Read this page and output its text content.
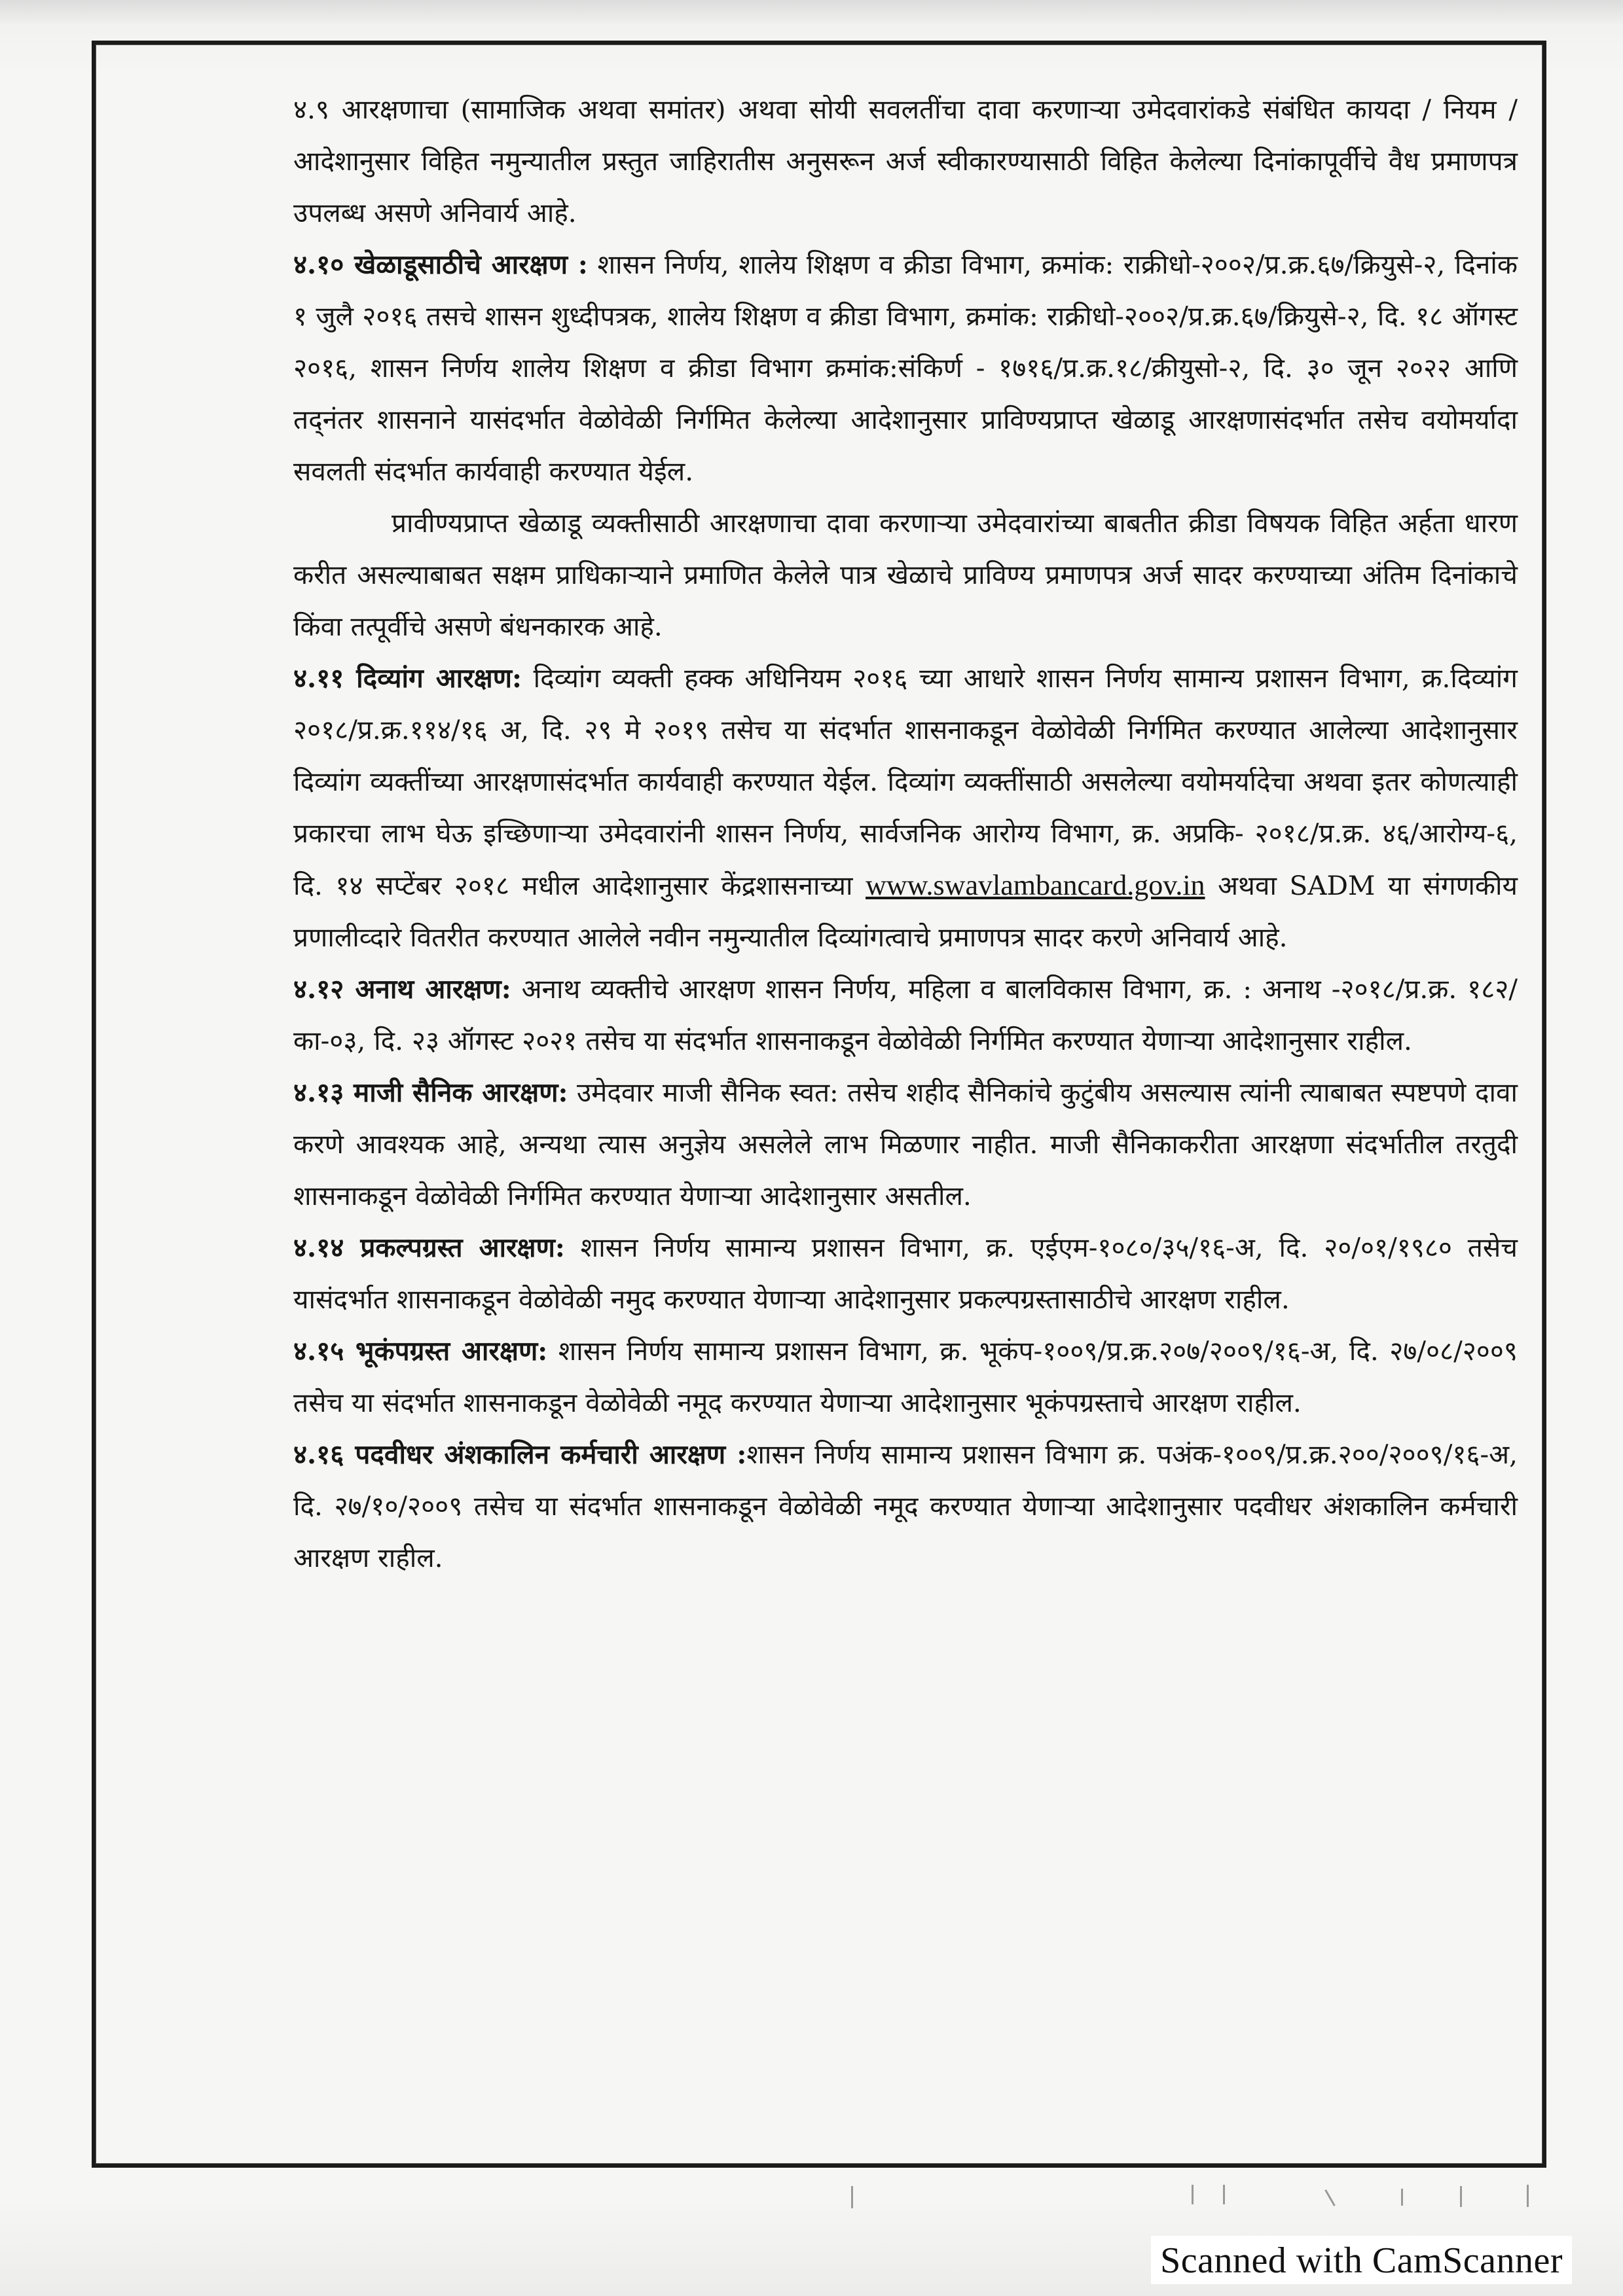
४.९ आरक्षणाचा (सामाजिक अथवा समांतर) अथवा सोयी सवलतींचा दावा करणाऱ्या उमेदवारांकडे संबंधित कायदा / नियम / आदेशानुसार विहित नमुन्यातील प्रस्तुत जाहिरातीस अनुसरून अर्ज स्वीकारण्यासाठी विहित केलेल्या दिनांकापूर्वीचे वैध प्रमाणपत्र उपलब्ध असणे अनिवार्य आहे.

४.१० खेळाडूसाठीचे आरक्षण : शासन निर्णय, शालेय शिक्षण व क्रीडा विभाग, क्रमांक: राक्रीधो-२००२/प्र.क्र.६७/क्रियुसे-२, दिनांक १ जुलै २०१६ तसचे शासन शुध्दीपत्रक, शालेय शिक्षण व क्रीडा विभाग, क्रमांक: राक्रीधो-२००२/प्र.क्र.६७/क्रियुसे-२, दि. १८ ऑगस्ट २०१६, शासन निर्णय शालेय शिक्षण व क्रीडा विभाग क्रमांक:संकिर्ण - १७१६/प्र.क्र.१८/क्रीयुसो-२, दि. ३० जून २०२२ आणि तद्नंतर शासनाने यासंदर्भात वेळोवेळी निर्गमित केलेल्या आदेशानुसार प्राविण्यप्राप्त खेळाडू आरक्षणासंदर्भात तसेच वयोमर्यादा सवलती संदर्भात कार्यवाही करण्यात येईल.

प्रावीण्यप्राप्त खेळाडू व्यक्तीसाठी आरक्षणाचा दावा करणाऱ्या उमेदवारांच्या बाबतीत क्रीडा विषयक विहित अर्हता धारण करीत असल्याबाबत सक्षम प्राधिकाऱ्याने प्रमाणित केलेले पात्र खेळाचे प्राविण्य प्रमाणपत्र अर्ज सादर करण्याच्या अंतिम दिनांकाचे किंवा तत्पूर्वीचे असणे बंधनकारक आहे.

४.११ दिव्यांग आरक्षण: दिव्यांग व्यक्ती हक्क अधिनियम २०१६ च्या आधारे शासन निर्णय सामान्य प्रशासन विभाग, क्र.दिव्यांग २०१८/प्र.क्र.११४/१६ अ, दि. २९ मे २०१९ तसेच या संदर्भात शासनाकडून वेळोवेळी निर्गमित करण्यात आलेल्या आदेशानुसार दिव्यांग व्यक्तींच्या आरक्षणासंदर्भात कार्यवाही करण्यात येईल. दिव्यांग व्यक्तींसाठी असलेल्या वयोमर्यादेचा अथवा इतर कोणत्याही प्रकारचा लाभ घेऊ इच्छिणाऱ्या उमेदवारांनी शासन निर्णय, सार्वजनिक आरोग्य विभाग, क्र. अप्रकि- २०१८/प्र.क्र. ४६/आरोग्य-६, दि. १४ सप्टेंबर २०१८ मधील आदेशानुसार केंद्रशासनाच्या www.swavlambancard.gov.in अथवा SADM या संगणकीय प्रणालीव्दारे वितरीत करण्यात आलेले नवीन नमुन्यातील दिव्यांगत्वाचे प्रमाणपत्र सादर करणे अनिवार्य आहे.

४.१२ अनाथ आरक्षण: अनाथ व्यक्तीचे आरक्षण शासन निर्णय, महिला व बालविकास विभाग, क्र. : अनाथ -२०१८/प्र.क्र. १८२/का-०३, दि. २३ ऑगस्ट २०२१ तसेच या संदर्भात शासनाकडून वेळोवेळी निर्गमित करण्यात येणाऱ्या आदेशानुसार राहील.

४.१३ माजी सैनिक आरक्षण: उमेदवार माजी सैनिक स्वत: तसेच शहीद सैनिकांचे कुटुंबीय असल्यास त्यांनी त्याबाबत स्पष्टपणे दावा करणे आवश्यक आहे, अन्यथा त्यास अनुज्ञेय असलेले लाभ मिळणार नाहीत. माजी सैनिकाकरीता आरक्षणा संदर्भातील तरतुदी शासनाकडून वेळोवेळी निर्गमित करण्यात येणाऱ्या आदेशानुसार असतील.

४.१४ प्रकल्पग्रस्त आरक्षण: शासन निर्णय सामान्य प्रशासन विभाग, क्र. एईएम-१०८०/३५/१६-अ, दि. २०/०१/१९८० तसेच यासंदर्भात शासनाकडून वेळोवेळी नमुद करण्यात येणाऱ्या आदेशानुसार प्रकल्पग्रस्तासाठीचे आरक्षण राहील.

४.१५ भूकंपग्रस्त आरक्षण: शासन निर्णय सामान्य प्रशासन विभाग, क्र. भूकंप-१००९/प्र.क्र.२०७/२००९/१६-अ, दि. २७/०८/२००९ तसेच या संदर्भात शासनाकडून वेळोवेळी नमूद करण्यात येणाऱ्या आदेशानुसार भूकंपग्रस्ताचे आरक्षण राहील.

४.१६ पदवीधर अंशकालिन कर्मचारी आरक्षण :शासन निर्णय सामान्य प्रशासन विभाग क्र. पअंक-१००९/प्र.क्र.२००/२००९/१६-अ, दि. २७/१०/२००९ तसेच या संदर्भात शासनाकडून वेळोवेळी नमूद करण्यात येणाऱ्या आदेशानुसार पदवीधर अंशकालिन कर्मचारी आरक्षण राहील.

Scanned with CamScanner
